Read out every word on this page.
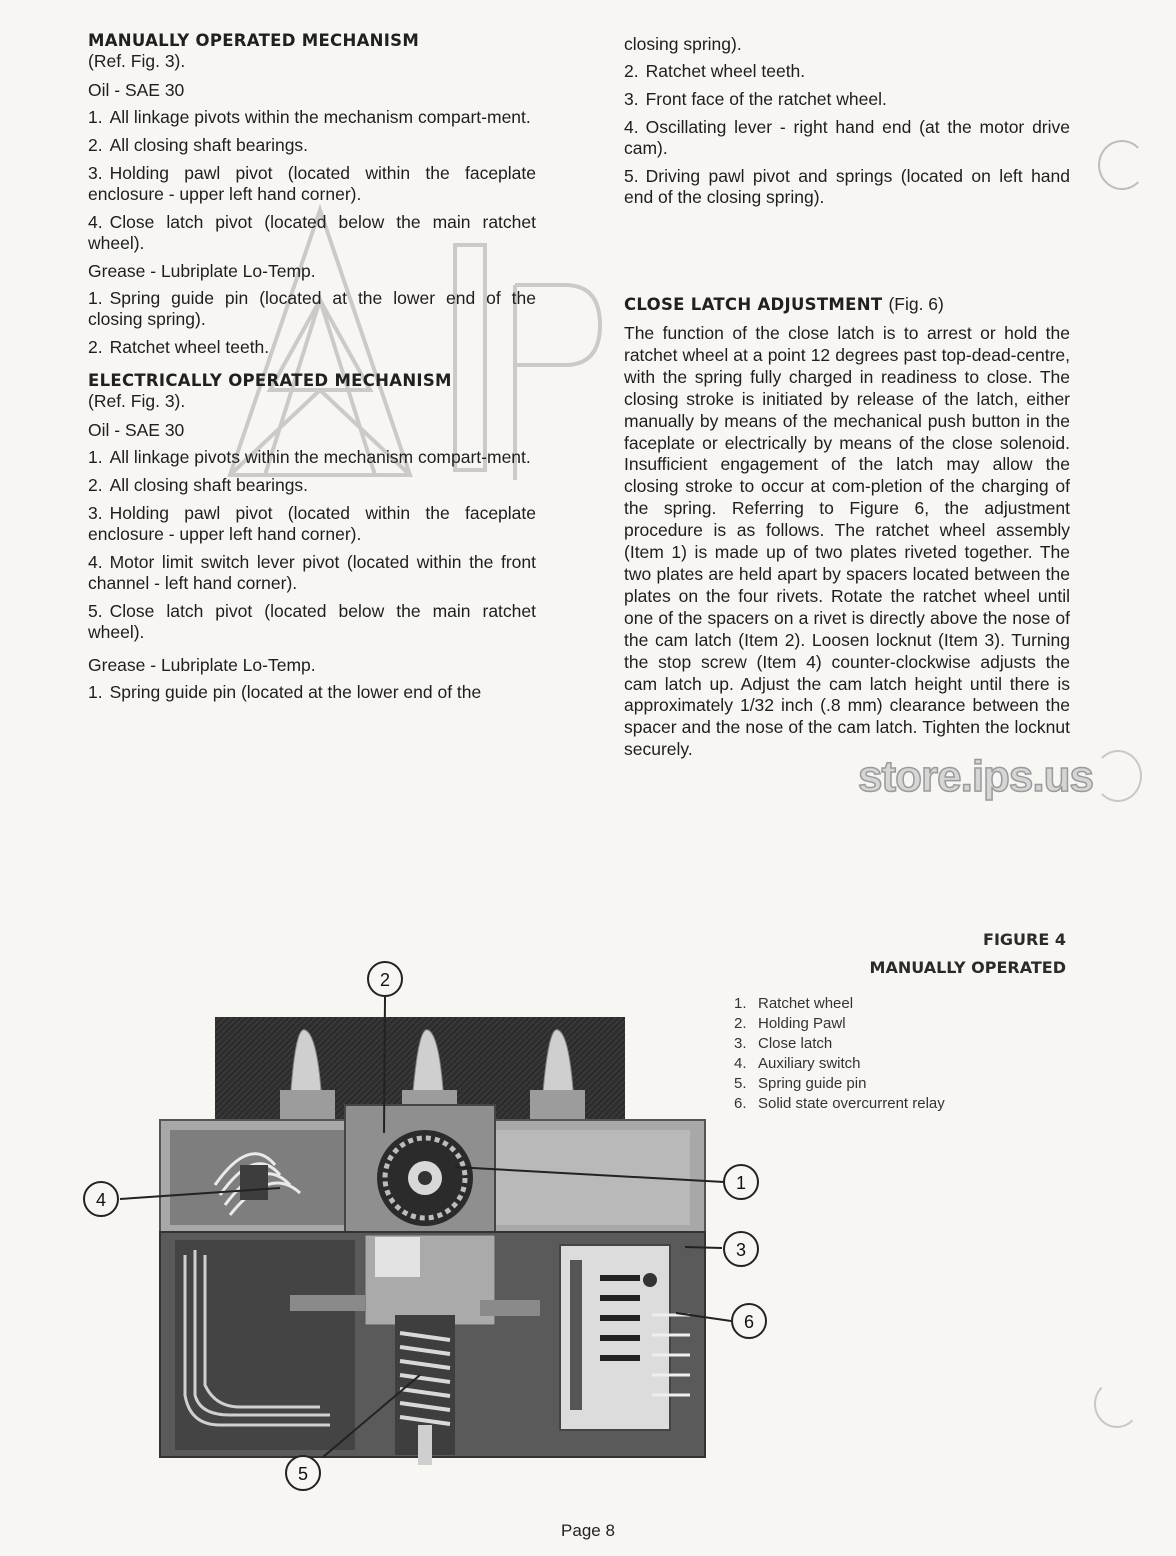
MANUALLY OPERATED MECHANISM
(Ref. Fig. 3).
Oil - SAE 30
1. All linkage pivots within the mechanism compart-ment.
2. All closing shaft bearings.
3. Holding pawl pivot (located within the faceplate enclosure - upper left hand corner).
4. Close latch pivot (located below the main ratchet wheel).
Grease - Lubriplate Lo-Temp.
1. Spring guide pin (located at the lower end of the closing spring).
2. Ratchet wheel teeth.
ELECTRICALLY OPERATED MECHANISM
(Ref. Fig. 3).
Oil - SAE 30
1. All linkage pivots within the mechanism compart-ment.
2. All closing shaft bearings.
3. Holding pawl pivot (located within the faceplate enclosure - upper left hand corner).
4. Motor limit switch lever pivot (located within the front channel - left hand corner).
5. Close latch pivot (located below the main ratchet wheel).
Grease - Lubriplate Lo-Temp.
1. Spring guide pin (located at the lower end of the
closing spring).
2. Ratchet wheel teeth.
3. Front face of the ratchet wheel.
4. Oscillating lever - right hand end (at the motor drive cam).
5. Driving pawl pivot and springs (located on left hand end of the closing spring).
CLOSE LATCH ADJUSTMENT (Fig. 6)

The function of the close latch is to arrest or hold the ratchet wheel at a point 12 degrees past top-dead-centre, with the spring fully charged in readiness to close. The closing stroke is initiated by release of the latch, either manually by means of the mechanical push button in the faceplate or electrically by means of the close solenoid. Insufficient engagement of the latch may allow the closing stroke to occur at com-pletion of the charging of the spring. Referring to Figure 6, the adjustment procedure is as follows. The ratchet wheel assembly (Item 1) is made up of two plates riveted together. The two plates are held apart by spacers located between the plates on the four rivets. Rotate the ratchet wheel until one of the spacers on a rivet is directly above the nose of the cam latch (Item 2). Loosen locknut (Item 3). Turning the stop screw (Item 4) counter-clockwise adjusts the cam latch up. Adjust the cam latch height until there is approximately 1/32 inch (.8 mm) clearance between the spacer and the nose of the cam latch. Tighten the locknut securely.

store.ips.us
FIGURE 4
MANUALLY OPERATED
1. Ratchet wheel
2. Holding Pawl
3. Close latch
4. Auxiliary switch
5. Spring guide pin
6. Solid state overcurrent relay
1
2
3
4
5
6
Page 8
